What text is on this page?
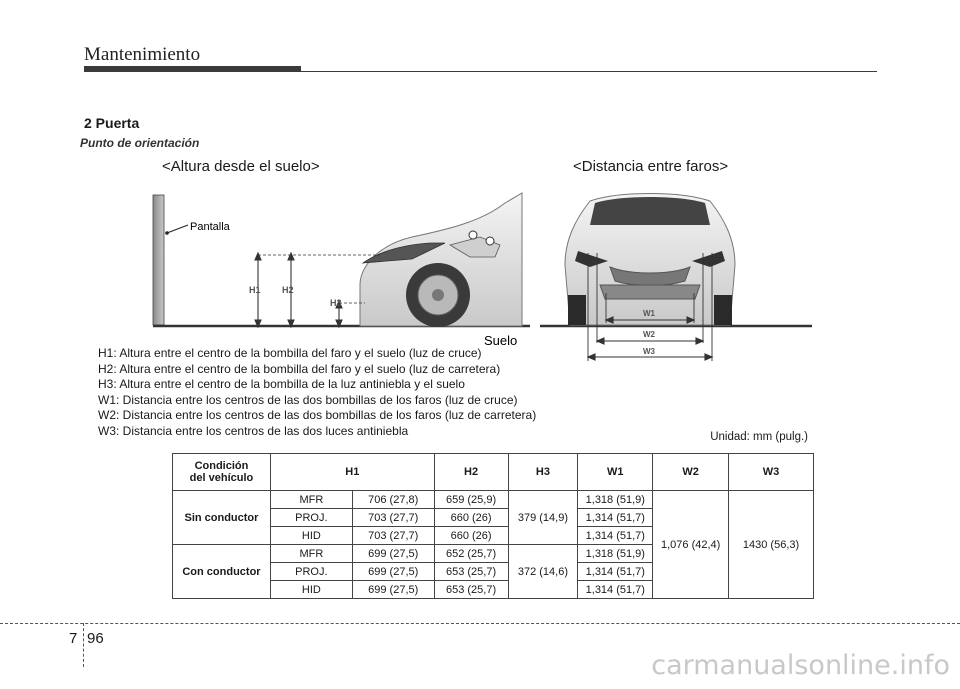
Mantenimiento
2 Puerta
Punto de orientación
<Altura desde el suelo>	<Distancia entre faros>
Pantalla
H1 H2
H3
Suelo
W1
W2
W3
H1: Altura entre el centro de la bombilla del faro y el suelo (luz de cruce)
H2: Altura entre el centro de la bombilla del faro y el suelo (luz de carretera)
H3: Altura entre el centro de la bombilla de la luz antiniebla y el suelo
W1: Distancia entre los centros de las dos bombillas de los faros (luz de cruce)
W2: Distancia entre los centros de las dos bombillas de los faros (luz de carretera)
W3: Distancia entre los centros de las dos luces antiniebla	Unidad: mm (pulg.)
Condición del vehículo	H1		H2	H3	W1	W2	W3
Sin conductor	MFR	706 (27,8)	659 (25,9)	379 (14,9)	1,318 (51,9)	1,076 (42,4)	1430 (56,3)
	PROJ.	703 (27,7)	660 (26)		1,314 (51,7)		
	HID	703 (27,7)	660 (26)		1,314 (51,7)		
Con conductor	MFR	699 (27,5)	652 (25,7)	372 (14,6)	1,318 (51,9)		
	PROJ.	699 (27,5)	653 (25,7)		1,314 (51,7)		
	HID	699 (27,5)	653 (25,7)		1,314 (51,7)		
7 96
carmanualsonline.info
